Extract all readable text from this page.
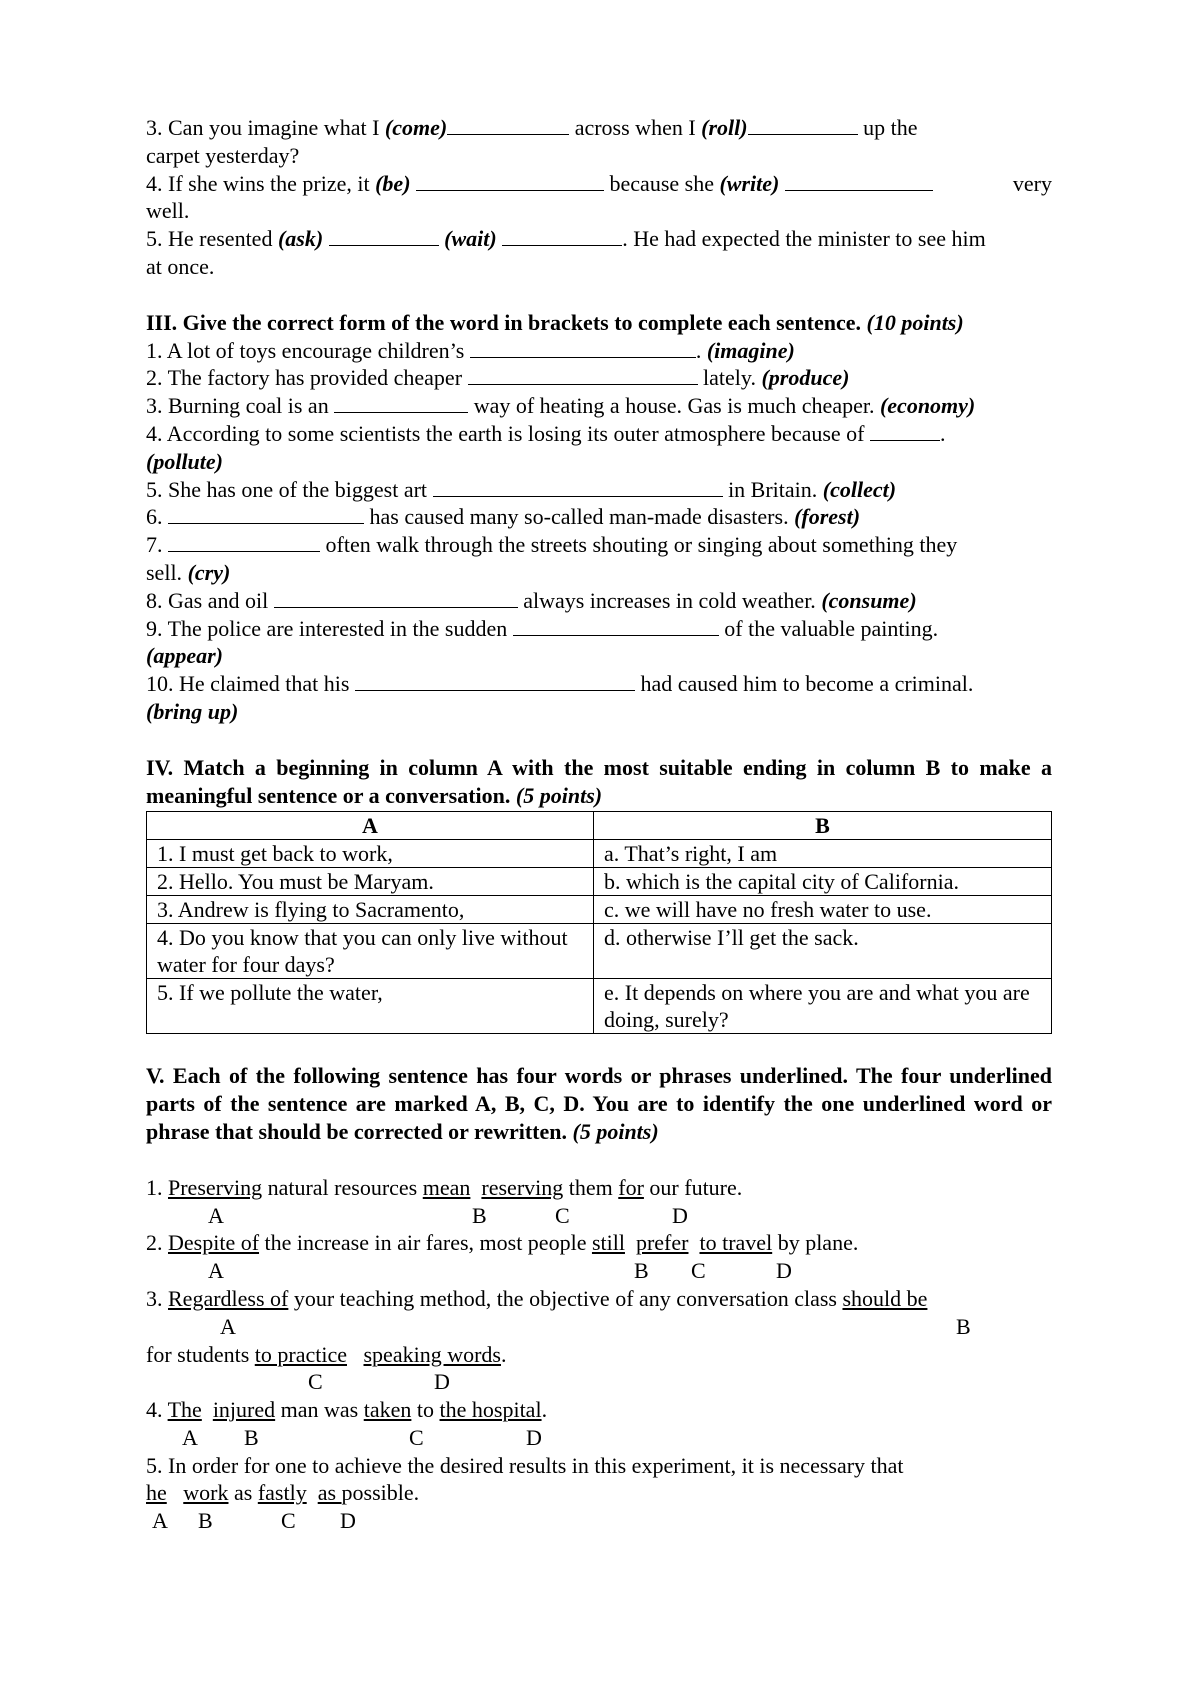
3. Can you imagine what I (come)	across when I (roll)	up the

carpet yesterday?

4. If she wins the prize, it (be)	because she (write)	very

well.

5. He resented (ask)	(wait)	. He had expected the minister to see him

at once.

III. Give the correct form of the word in brackets to complete each sentence. (10 points)

1. A lot of toys encourage children’s	. (imagine)

2. The factory has provided cheaper	lately. (produce)

3. Burning coal is an	way of heating a house. Gas is much cheaper. (economy)

4. According to some scientists the earth is losing its outer atmosphere because of	.

(pollute)

5. She has one of the biggest art	in Britain. (collect)

6.	has caused many so-called man-made disasters. (forest)

7.	often walk through the streets shouting or singing about something they

sell. (cry)

8. Gas and oil	always increases in cold weather. (consume)

9. The police are interested in the sudden	of the valuable painting.

(appear)

10. He claimed that his	had caused him to become a criminal.

(bring up)

IV. Match a beginning in column A with the most suitable ending in column B to make a meaningful sentence or a conversation. (5 points)

A	B
1. I must get back to work,	a. That’s right, I am
2. Hello. You must be Maryam.	b. which is the capital city of California.
3. Andrew is flying to Sacramento,	c. we will have no fresh water to use.
4. Do you know that you can only live without water for four days?	d. otherwise I’ll get the sack.
5. If we pollute the water,	e. It depends on where you are and what you are doing, surely?

V. Each of the following sentence has four words or phrases underlined. The four underlined parts of the sentence are marked A, B, C, D. You are to identify the one underlined word or phrase that should be corrected or rewritten. (5 points)

1. Preserving natural resources mean reserving them for our future.

A	B	C	D

2. Despite of the increase in air fares, most people still prefer to travel by plane.

A	B C	D

3. Regardless of your teaching method, the objective of any conversation class should be

A	B

for students to practice speaking words.

C	D

4. The injured man was taken to the hospital.

A B	C	D

5. In order for one to achieve the desired results in this experiment, it is necessary that

he work as fastly as possible.

A B	C D
